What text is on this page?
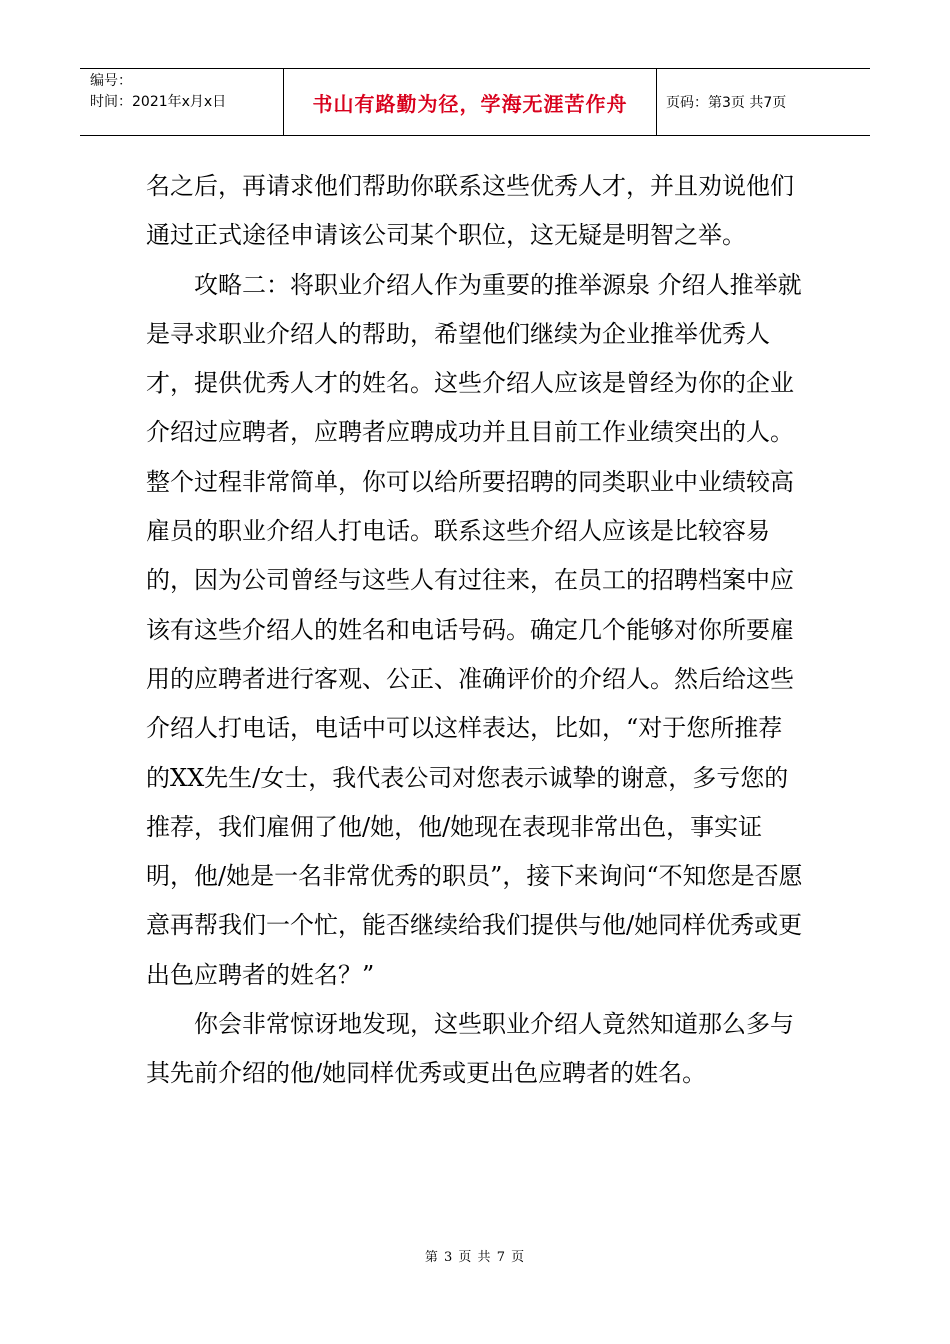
编号：
时间：2021年x月x日	书山有路勤为径，学海无涯苦作舟	页码：第3页 共7页

名之后，再请求他们帮助你联系这些优秀人才，并且劝说他们通过正式途径申请该公司某个职位，这无疑是明智之举。

攻略二：将职业介绍人作为重要的推举源泉 介绍人推举就是寻求职业介绍人的帮助，希望他们继续为企业推举优秀人才，提供优秀人才的姓名。这些介绍人应该是曾经为你的企业介绍过应聘者，应聘者应聘成功并且目前工作业绩突出的人。整个过程非常简单，你可以给所要招聘的同类职业中业绩较高雇员的职业介绍人打电话。联系这些介绍人应该是比较容易的，因为公司曾经与这些人有过往来，在员工的招聘档案中应该有这些介绍人的姓名和电话号码。确定几个能够对你所要雇用的应聘者进行客观、公正、准确评价的介绍人。然后给这些介绍人打电话，电话中可以这样表达，比如，“对于您所推荐的XX先生/女士，我代表公司对您表示诚挚的谢意，多亏您的推荐，我们雇佣了他/她，他/她现在表现非常出色，事实证明，他/她是一名非常优秀的职员”，接下来询问“不知您是否愿意再帮我们一个忙，能否继续给我们提供与他/她同样优秀或更出色应聘者的姓名？”

你会非常惊讶地发现，这些职业介绍人竟然知道那么多与其先前介绍的他/她同样优秀或更出色应聘者的姓名。

第 3 页 共 7 页
